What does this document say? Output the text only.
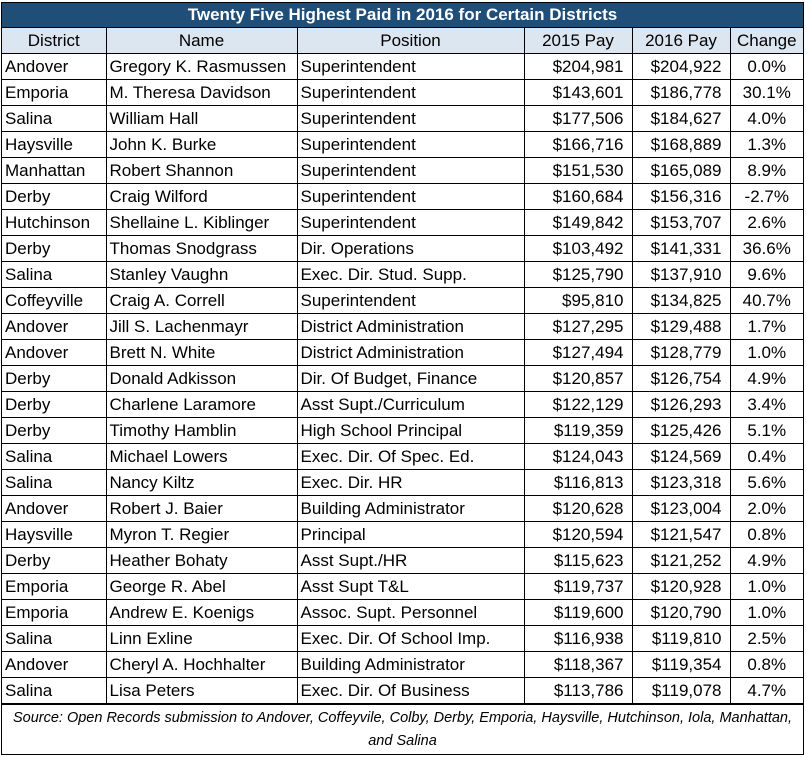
Twenty Five Highest Paid in 2016 for Certain Districts
District	Name	Position	2015 Pay	2016 Pay	Change
Andover	Gregory K. Rasmussen	Superintendent	$204,981	$204,922	0.0%
Emporia	M. Theresa Davidson	Superintendent	$143,601	$186,778	30.1%
Salina	William Hall	Superintendent	$177,506	$184,627	4.0%
Haysville	John K. Burke	Superintendent	$166,716	$168,889	1.3%
Manhattan	Robert Shannon	Superintendent	$151,530	$165,089	8.9%
Derby	Craig Wilford	Superintendent	$160,684	$156,316	-2.7%
Hutchinson	Shellaine L. Kiblinger	Superintendent	$149,842	$153,707	2.6%
Derby	Thomas Snodgrass	Dir. Operations	$103,492	$141,331	36.6%
Salina	Stanley Vaughn	Exec. Dir. Stud. Supp.	$125,790	$137,910	9.6%
Coffeyville	Craig A. Correll	Superintendent	$95,810	$134,825	40.7%
Andover	Jill S. Lachenmayr	District Administration	$127,295	$129,488	1.7%
Andover	Brett N. White	District Administration	$127,494	$128,779	1.0%
Derby	Donald Adkisson	Dir. Of Budget, Finance	$120,857	$126,754	4.9%
Derby	Charlene Laramore	Asst Supt./Curriculum	$122,129	$126,293	3.4%
Derby	Timothy Hamblin	High School Principal	$119,359	$125,426	5.1%
Salina	Michael Lowers	Exec. Dir. Of Spec. Ed.	$124,043	$124,569	0.4%
Salina	Nancy Kiltz	Exec. Dir. HR	$116,813	$123,318	5.6%
Andover	Robert J. Baier	Building Administrator	$120,628	$123,004	2.0%
Haysville	Myron T. Regier	Principal	$120,594	$121,547	0.8%
Derby	Heather Bohaty	Asst Supt./HR	$115,623	$121,252	4.9%
Emporia	George R. Abel	Asst Supt T&L	$119,737	$120,928	1.0%
Emporia	Andrew E. Koenigs	Assoc. Supt. Personnel	$119,600	$120,790	1.0%
Salina	Linn Exline	Exec. Dir. Of School Imp.	$116,938	$119,810	2.5%
Andover	Cheryl A. Hochhalter	Building Administrator	$118,367	$119,354	0.8%
Salina	Lisa Peters	Exec. Dir. Of Business	$113,786	$119,078	4.7%
Source: Open Records submission to Andover, Coffeyvile, Colby, Derby, Emporia, Haysville, Hutchinson, Iola, Manhattan, and Salina
